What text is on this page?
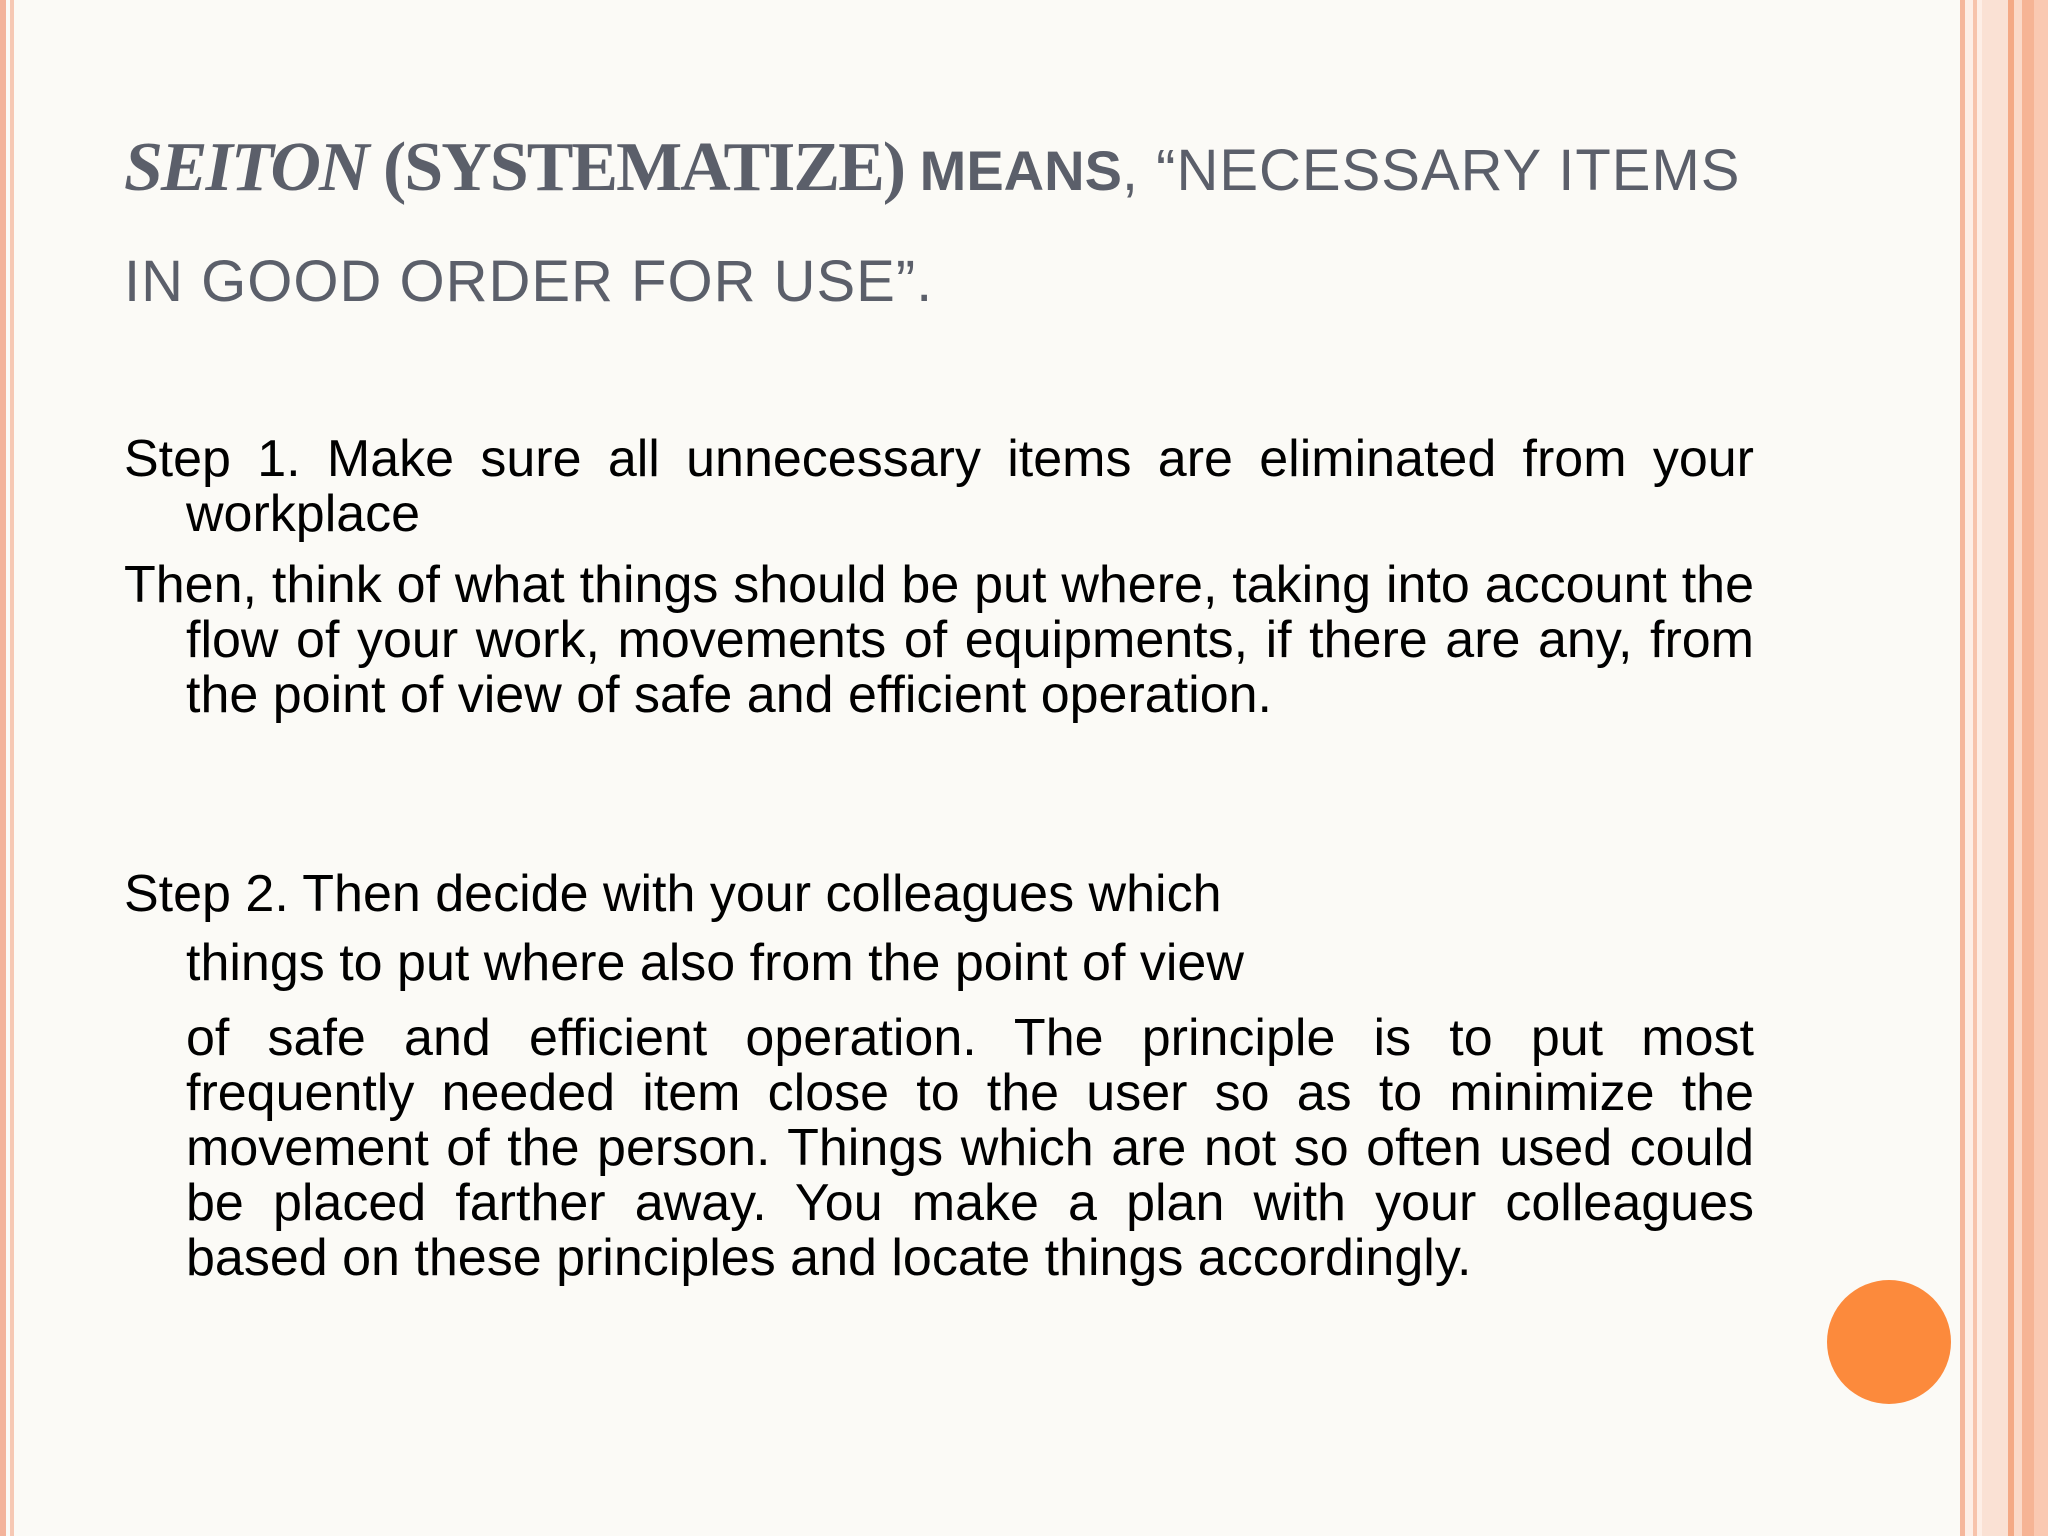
SEITON (SYSTEMATIZE) MEANS, “NECESSARY ITEMS IN GOOD ORDER FOR USE”.
Step 1. Make sure all unnecessary items are eliminated from your workplace
Then, think of what things should be put where, taking into account the flow of your work, movements of equipments, if there are any, from the point of view of safe and efficient operation.
Step 2. Then decide with your colleagues which
things to put where also from the point of view
of safe and efficient operation. The principle is to put most frequently needed item close to the user so as to minimize the movement of the person. Things which are not so often used could be placed farther away. You make a plan with your colleagues based on these principles and locate things accordingly.
